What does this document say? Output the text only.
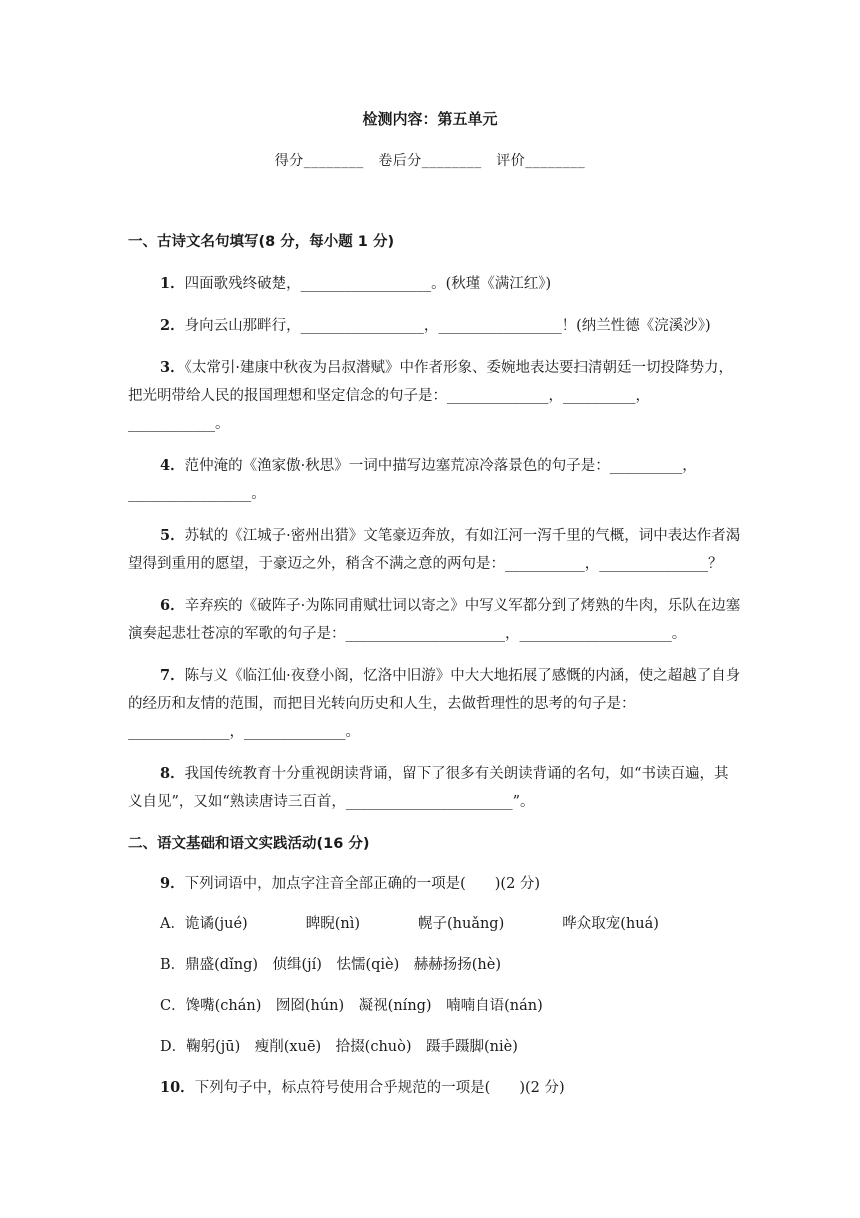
检测内容：第五单元
得分________　卷后分________　评价________
一、古诗文名句填写(8 分，每小题 1 分)
1．四面歌残终破楚，__________________。(秋瑾《满江红》)
2．身向云山那畔行，_________________，_________________！(纳兰性德《浣溪沙》)
3．《太常引·建康中秋夜为吕叔潜赋》中作者形象、委婉地表达要扫清朝廷一切投降势力，把光明带给人民的报国理想和坚定信念的句子是：______________，__________，____________。
4．范仲淹的《渔家傲·秋思》一词中描写边塞荒凉冷落景色的句子是：__________，_________________。
5．苏轼的《江城子·密州出猎》文笔豪迈奔放，有如江河一泻千里的气概，词中表达作者渴望得到重用的愿望，于豪迈之外，稍含不满之意的两句是：___________，_______________？
6．辛弃疾的《破阵子·为陈同甫赋壮词以寄之》中写义军都分到了烤熟的牛肉，乐队在边塞演奏起悲壮苍凉的军歌的句子是：______________________，_____________________。
7．陈与义《临江仙·夜登小阁，忆洛中旧游》中大大地拓展了感慨的内涵，使之超越了自身的经历和友情的范围，而把目光转向历史和人生，去做哲理性的思考的句子是：______________，______________。
8．我国传统教育十分重视朗读背诵，留下了很多有关朗读背诵的名句，如“书读百遍，其义自见”，又如“熟读唐诗三百首，_______________________”。
二、语文基础和语文实践活动(16 分)
9．下列词语中，加点字注音全部正确的一项是(　　)(2 分)
A．诡谲(jué)　　　　睥睨(nì)　　　　幌子(huǎng)　　　　哗众取宠(huá)
B．鼎盛(dǐng)　侦缉(jí)　怯懦(qiè)　赫赫扬扬(hè)
C．馋嘴(chán)　囫囵(hún)　凝视(níng)　喃喃自语(nán)
D．鞠躬(jū)　瘦削(xuē)　拾掇(chuò)　蹑手蹑脚(niè)
10．下列句子中，标点符号使用合乎规范的一项是(　　)(2 分)
